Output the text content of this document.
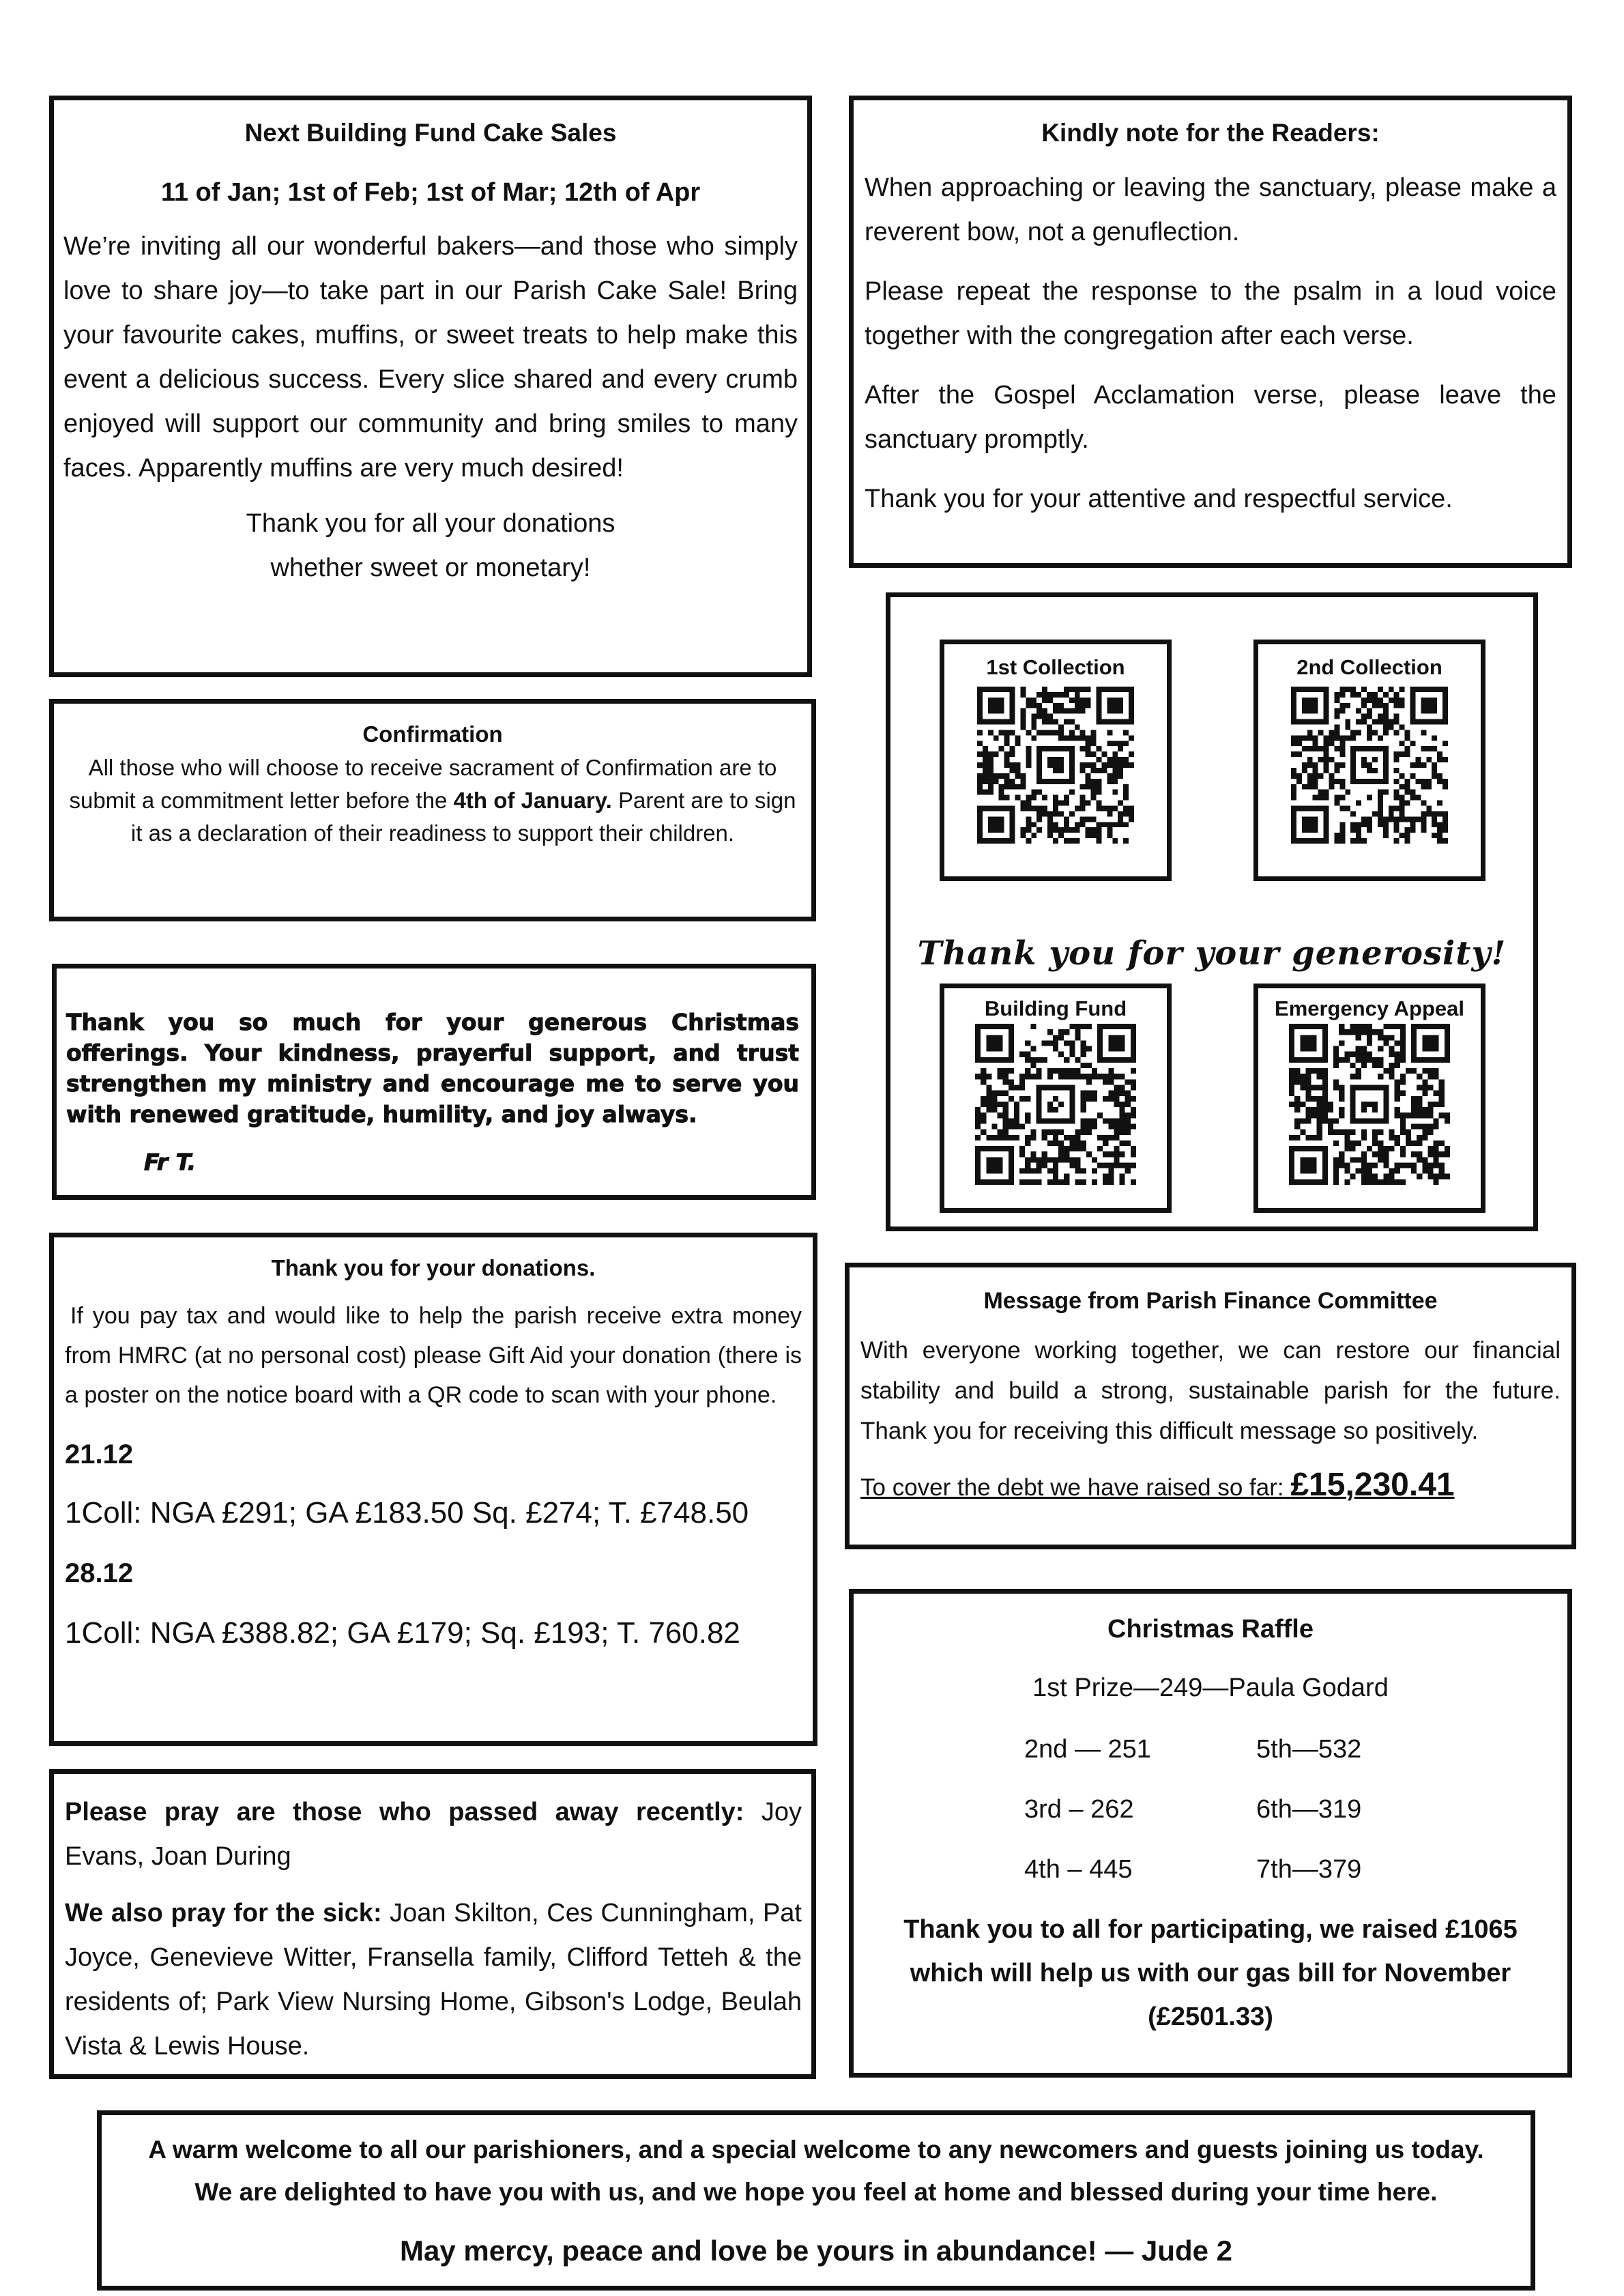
Next Building Fund Cake Sales

11 of Jan; 1st of Feb; 1st of Mar; 12th of Apr

We’re inviting all our wonderful bakers—and those who simply love to share joy—to take part in our Parish Cake Sale! Bring your favourite cakes, muffins, or sweet treats to help make this event a delicious success. Every slice shared and every crumb enjoyed will support our community and bring smiles to many faces. Apparently muffins are very much desired!

Thank you for all your donations

whether sweet or monetary!

Kindly note for the Readers:

When approaching or leaving the sanctuary, please make a reverent bow, not a genuflection.

Please repeat the response to the psalm in a loud voice together with the congregation after each verse.

After the Gospel Acclamation verse, please leave the sanctuary promptly.

Thank you for your attentive and respectful service.

Confirmation

All those who will choose to receive sacrament of Confirmation are to submit a commitment letter before the 4th of January. Parent are to sign it as a declaration of their readiness to support their children.

1st Collection	2nd Collection

Thank you for your generosity!

Building Fund	Emergency Appeal

Thank you so much for your generous Christmas offerings. Your kindness, prayerful support, and trust strengthen my ministry and encourage me to serve you with renewed gratitude, humility, and joy always.

Fr T.

Thank you for your donations.

If you pay tax and would like to help the parish receive extra money from HMRC (at no personal cost) please Gift Aid your donation (there is a poster on the notice board with a QR code to scan with your phone.

21.12

1Coll: NGA £291; GA £183.50 Sq. £274; T. £748.50

28.12

1Coll: NGA £388.82; GA £179; Sq. £193; T. 760.82

Message from Parish Finance Committee

With everyone working together, we can restore our financial stability and build a strong, sustainable parish for the future. Thank you for receiving this difficult message so positively.

To cover the debt we have raised so far: £15,230.41

Please pray are those who passed away recently: Joy Evans, Joan During

We also pray for the sick: Joan Skilton, Ces Cunningham, Pat Joyce, Genevieve Witter, Fransella family, Clifford Tetteh & the residents of; Park View Nursing Home, Gibson's Lodge, Beulah Vista & Lewis House.

Christmas Raffle

1st Prize—249—Paula Godard

2nd — 251	5th—532
3rd – 262	6th—319
4th – 445	7th—379

Thank you to all for participating, we raised £1065 which will help us with our gas bill for November (£2501.33)

A warm welcome to all our parishioners, and a special welcome to any newcomers and guests joining us today.

We are delighted to have you with us, and we hope you feel at home and blessed during your time here.

May mercy, peace and love be yours in abundance! — Jude 2
